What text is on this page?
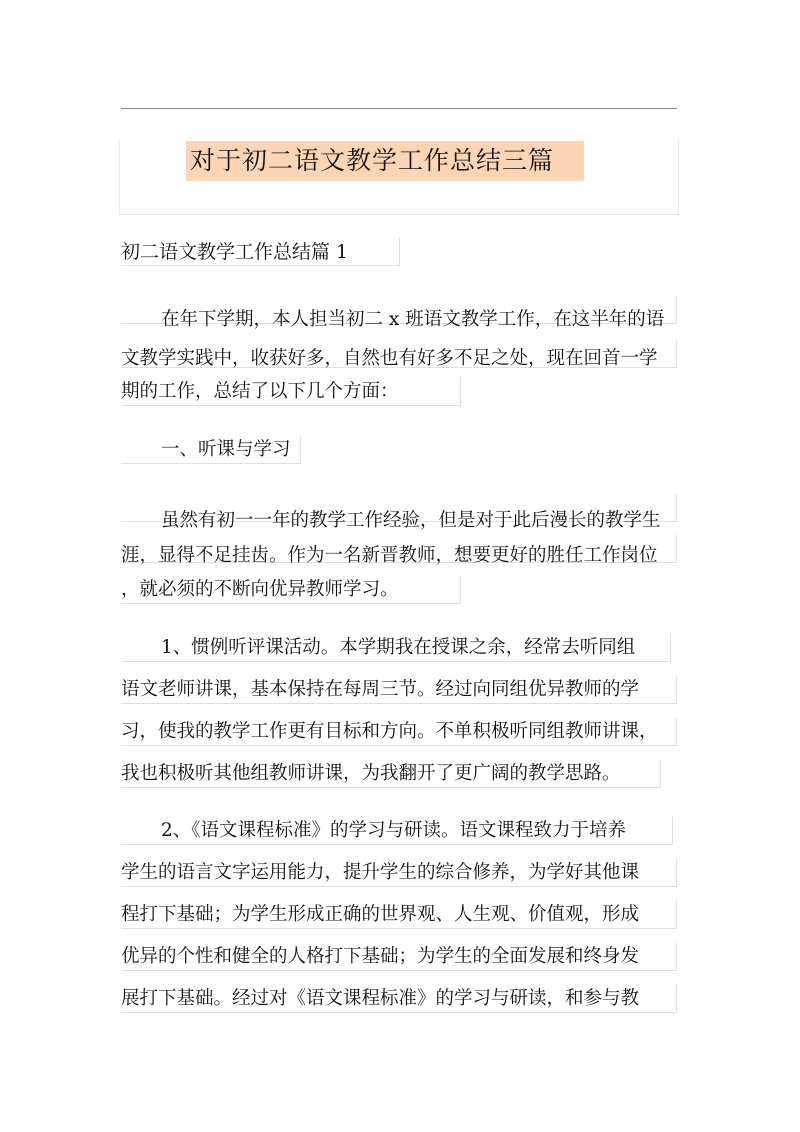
对于初二语文教学工作总结三篇
初二语文教学工作总结篇 1
在年下学期，本人担当初二 x 班语文教学工作，在这半年的语
文教学实践中，收获好多，自然也有好多不足之处，现在回首一学
期的工作，总结了以下几个方面：
一、听课与学习
虽然有初一一年的教学工作经验，但是对于此后漫长的教学生
涯，显得不足挂齿。作为一名新晋教师，想要更好的胜任工作岗位
，就必须的不断向优异教师学习。
1、惯例听评课活动。本学期我在授课之余，经常去听同组
语文老师讲课，基本保持在每周三节。经过向同组优异教师的学
习，使我的教学工作更有目标和方向。不单积极听同组教师讲课，
我也积极听其他组教师讲课，为我翻开了更广阔的教学思路。
2、《语文课程标准》的学习与研读。语文课程致力于培养
学生的语言文字运用能力，提升学生的综合修养，为学好其他课
程打下基础；为学生形成正确的世界观、人生观、价值观，形成
优异的个性和健全的人格打下基础；为学生的全面发展和终身发
展打下基础。经过对《语文课程标准》的学习与研读，和参与教
